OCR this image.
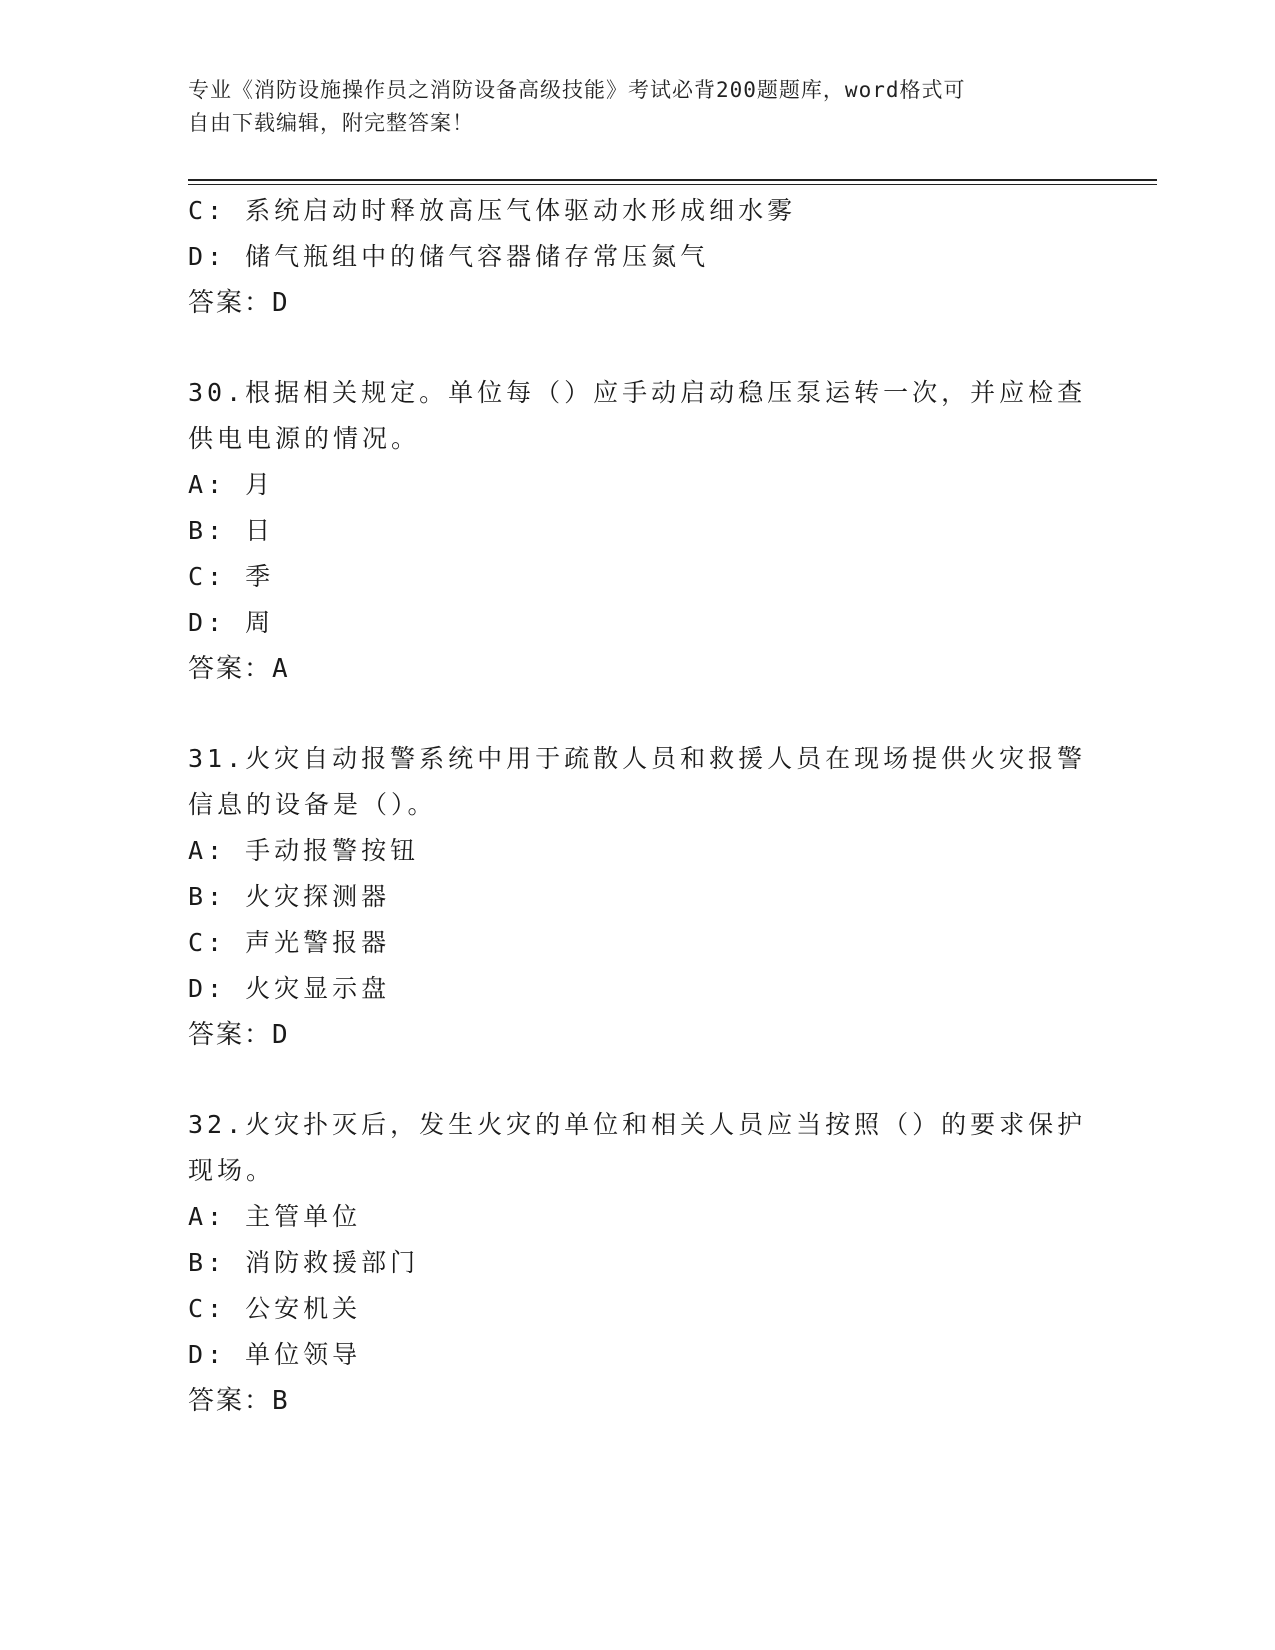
专业《消防设施操作员之消防设备高级技能》考试必背200题题库，word格式可
自由下载编辑，附完整答案！
C: 系统启动时释放高压气体驱动水形成细水雾
D: 储气瓶组中的储气容器储存常压氮气
答案：D
30.根据相关规定。单位每（）应手动启动稳压泵运转一次，并应检查
供电电源的情况。
A: 月
B: 日
C: 季
D: 周
答案：A
31.火灾自动报警系统中用于疏散人员和救援人员在现场提供火灾报警
信息的设备是（）。
A: 手动报警按钮
B: 火灾探测器
C: 声光警报器
D: 火灾显示盘
答案：D
32.火灾扑灭后，发生火灾的单位和相关人员应当按照（）的要求保护
现场。
A: 主管单位
B: 消防救援部门
C: 公安机关
D: 单位领导
答案：B
